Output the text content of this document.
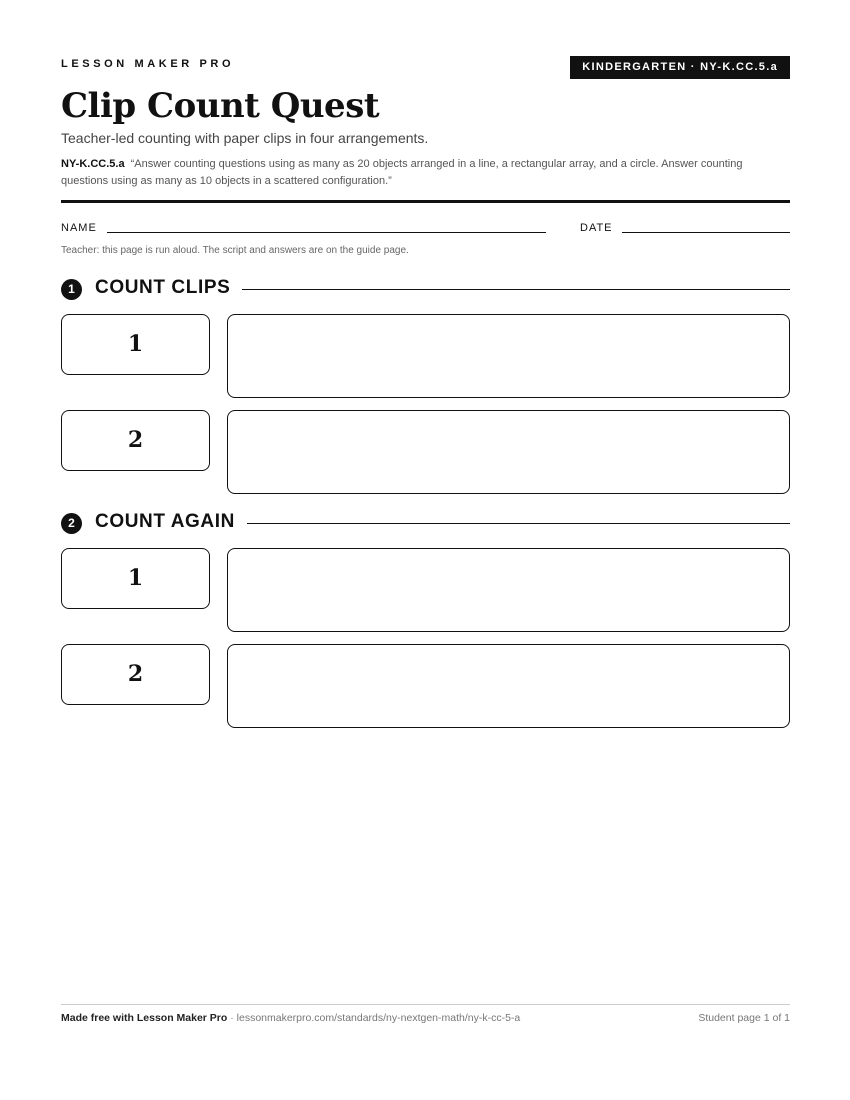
LESSON MAKER PRO	KINDERGARTEN · NY-K.CC.5.a
Clip Count Quest
Teacher-led counting with paper clips in four arrangements.
NY-K.CC.5.a “Answer counting questions using as many as 20 objects arranged in a line, a rectangular array, and a circle. Answer counting questions using as many as 10 objects in a scattered configuration.”
NAME	DATE
Teacher: this page is run aloud. The script and answers are on the guide page.
1	COUNT CLIPS
1
2
2	COUNT AGAIN
1
2
Made free with Lesson Maker Pro · lessonmakerpro.com/standards/ny-nextgen-math/ny-k-cc-5-a	Student page 1 of 1
